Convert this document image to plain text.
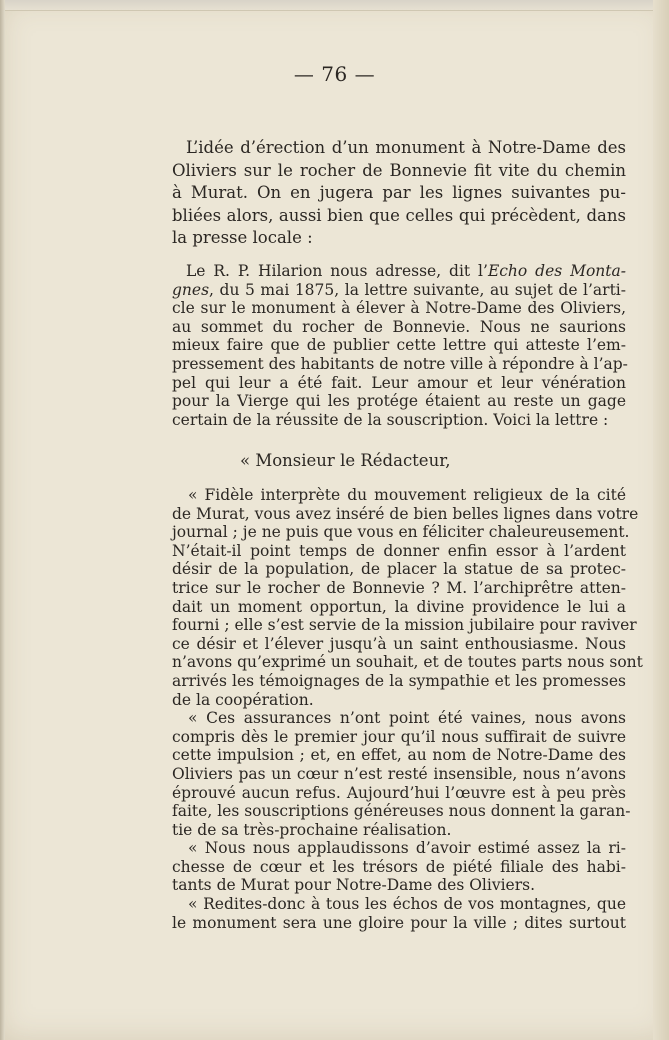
— 76 —

L’idée d’érection d’un monument à Notre-Dame des
Oliviers sur le rocher de Bonnevie fit vite du chemin
à Murat. On en jugera par les lignes suivantes pu-
bliées alors, aussi bien que celles qui précèdent, dans
la presse locale :

Le R. P. Hilarion nous adresse, dit l’Echo des Monta-
gnes, du 5 mai 1875, la lettre suivante, au sujet de l’arti-
cle sur le monument à élever à Notre-Dame des Oliviers,
au sommet du rocher de Bonnevie. Nous ne saurions
mieux faire que de publier cette lettre qui atteste l’em-
pressement des habitants de notre ville à répondre à l’ap-
pel qui leur a été fait. Leur amour et leur vénération
pour la Vierge qui les protége étaient au reste un gage
certain de la réussite de la souscription. Voici la lettre :

« Monsieur le Rédacteur,

« Fidèle interprète du mouvement religieux de la cité
de Murat, vous avez inséré de bien belles lignes dans votre
journal ; je ne puis que vous en féliciter chaleureusement.
N’était-il point temps de donner enfin essor à l’ardent
désir de la population, de placer la statue de sa protec-
trice sur le rocher de Bonnevie ? M. l’archiprêtre atten-
dait un moment opportun, la divine providence le lui a
fourni ; elle s’est servie de la mission jubilaire pour raviver
ce désir et l’élever jusqu’à un saint enthousiasme. Nous
n’avons qu’exprimé un souhait, et de toutes parts nous sont
arrivés les témoignages de la sympathie et les promesses
de la coopération.
« Ces assurances n’ont point été vaines, nous avons
compris dès le premier jour qu’il nous suffirait de suivre
cette impulsion ; et, en effet, au nom de Notre-Dame des
Oliviers pas un cœur n’est resté insensible, nous n’avons
éprouvé aucun refus. Aujourd’hui l’œuvre est à peu près
faite, les souscriptions généreuses nous donnent la garan-
tie de sa très-prochaine réalisation.
« Nous nous applaudissons d’avoir estimé assez la ri-
chesse de cœur et les trésors de piété filiale des habi-
tants de Murat pour Notre-Dame des Oliviers.
« Redites-donc à tous les échos de vos montagnes, que
le monument sera une gloire pour la ville ; dites surtout
